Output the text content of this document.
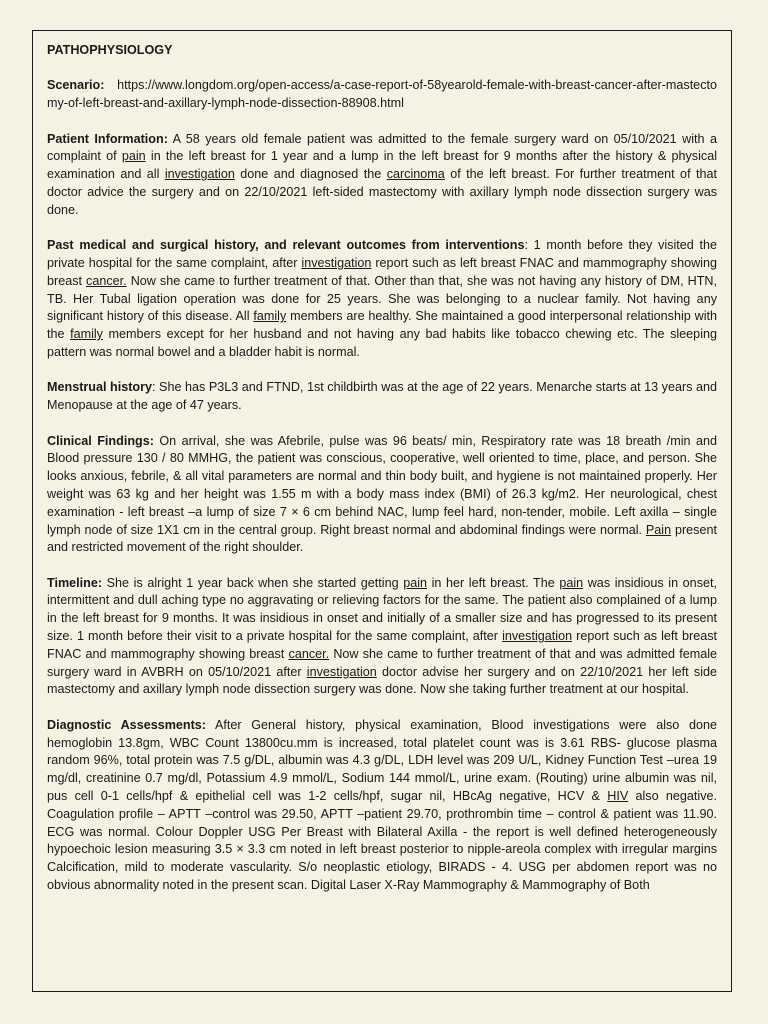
PATHOPHYSIOLOGY

Scenario: https://www.longdom.org/open-access/a-case-report-of-58yearold-female-with-breast-cancer-after-mastectomy-of-left-breast-and-axillary-lymph-node-dissection-88908.html

Patient Information: A 58 years old female patient was admitted to the female surgery ward on 05/10/2021 with a complaint of pain in the left breast for 1 year and a lump in the left breast for 9 months after the history & physical examination and all investigation done and diagnosed the carcinoma of the left breast. For further treatment of that doctor advice the surgery and on 22/10/2021 left-sided mastectomy with axillary lymph node dissection surgery was done.

Past medical and surgical history, and relevant outcomes from interventions: 1 month before they visited the private hospital for the same complaint, after investigation report such as left breast FNAC and mammography showing breast cancer. Now she came to further treatment of that. Other than that, she was not having any history of DM, HTN, TB. Her Tubal ligation operation was done for 25 years. She was belonging to a nuclear family. Not having any significant history of this disease. All family members are healthy. She maintained a good interpersonal relationship with the family members except for her husband and not having any bad habits like tobacco chewing etc. The sleeping pattern was normal bowel and a bladder habit is normal.

Menstrual history: She has P3L3 and FTND, 1st childbirth was at the age of 22 years. Menarche starts at 13 years and Menopause at the age of 47 years.

Clinical Findings: On arrival, she was Afebrile, pulse was 96 beats/ min, Respiratory rate was 18 breath /min and Blood pressure 130 / 80 MMHG, the patient was conscious, cooperative, well oriented to time, place, and person. She looks anxious, febrile, & all vital parameters are normal and thin body built, and hygiene is not maintained properly. Her weight was 63 kg and her height was 1.55 m with a body mass index (BMI) of 26.3 kg/m2. Her neurological, chest examination - left breast –a lump of size 7 × 6 cm behind NAC, lump feel hard, non-tender, mobile. Left axilla – single lymph node of size 1X1 cm in the central group. Right breast normal and abdominal findings were normal. Pain present and restricted movement of the right shoulder.

Timeline: She is alright 1 year back when she started getting pain in her left breast. The pain was insidious in onset, intermittent and dull aching type no aggravating or relieving factors for the same. The patient also complained of a lump in the left breast for 9 months. It was insidious in onset and initially of a smaller size and has progressed to its present size. 1 month before their visit to a private hospital for the same complaint, after investigation report such as left breast FNAC and mammography showing breast cancer. Now she came to further treatment of that and was admitted female surgery ward in AVBRH on 05/10/2021 after investigation doctor advise her surgery and on 22/10/2021 her left side mastectomy and axillary lymph node dissection surgery was done. Now she taking further treatment at our hospital.

Diagnostic Assessments: After General history, physical examination, Blood investigations were also done hemoglobin 13.8gm, WBC Count 13800cu.mm is increased, total platelet count was is 3.61 RBS- glucose plasma random 96%, total protein was 7.5 g/DL, albumin was 4.3 g/DL, LDH level was 209 U/L, Kidney Function Test –urea 19 mg/dl, creatinine 0.7 mg/dl, Potassium 4.9 mmol/L, Sodium 144 mmol/L, urine exam. (Routing) urine albumin was nil, pus cell 0-1 cells/hpf & epithelial cell was 1-2 cells/hpf, sugar nil, HBcAg negative, HCV & HIV also negative. Coagulation profile – APTT –control was 29.50, APTT –patient 29.70, prothrombin time – control & patient was 11.90. ECG was normal. Colour Doppler USG Per Breast with Bilateral Axilla - the report is well defined heterogeneously hypoechoic lesion measuring 3.5 × 3.3 cm noted in left breast posterior to nipple-areola complex with irregular margins Calcification, mild to moderate vascularity. S/o neoplastic etiology, BIRADS - 4. USG per abdomen report was no obvious abnormality noted in the present scan. Digital Laser X-Ray Mammography & Mammography of Both
